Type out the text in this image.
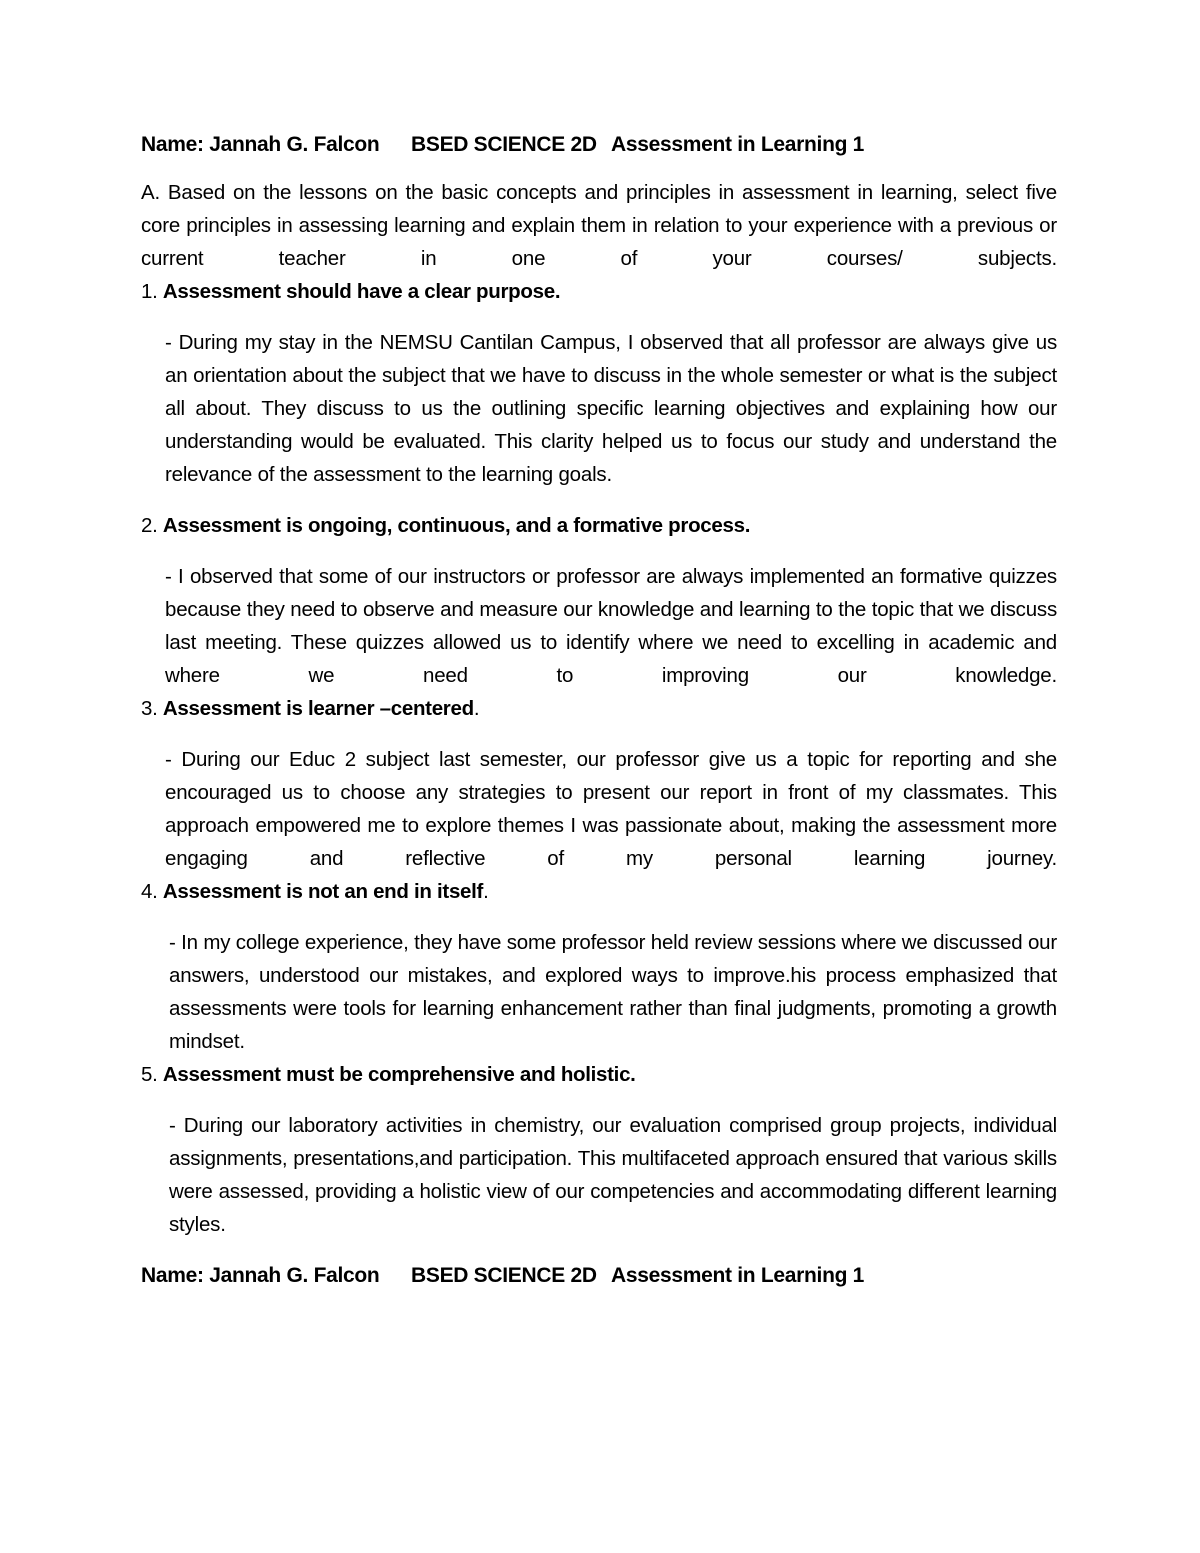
Name: Jannah G. Falcon BSED SCIENCE 2D Assessment in Learning 1

A. Based on the lessons on the basic concepts and principles in assessment in learning, select five core principles in assessing learning and explain them in relation to your experience with a previous or current teacher in one of your courses/ subjects.

1. Assessment should have a clear purpose.

- During my stay in the NEMSU Cantilan Campus, I observed that all professor are always give us an orientation about the subject that we have to discuss in the whole semester or what is the subject all about. They discuss to us the outlining specific learning objectives and explaining how our understanding would be evaluated. This clarity helped us to focus our study and understand the relevance of the assessment to the learning goals.

2. Assessment is ongoing, continuous, and a formative process.

- I observed that some of our instructors or professor are always implemented an formative quizzes because they need to observe and measure our knowledge and learning to the topic that we discuss last meeting. These quizzes allowed us to identify where we need to excelling in academic and where we need to improving our knowledge.

3. Assessment is learner –centered.

- During our Educ 2 subject last semester, our professor give us a topic for reporting and she encouraged us to choose any strategies to present our report in front of my classmates. This approach empowered me to explore themes I was passionate about, making the assessment more engaging and reflective of my personal learning journey.

4. Assessment is not an end in itself.

- In my college experience, they have some professor held review sessions where we discussed our answers, understood our mistakes, and explored ways to improve.his process emphasized that assessments were tools for learning enhancement rather than final judgments, promoting a growth mindset.

5. Assessment must be comprehensive and holistic.

- During our laboratory activities in chemistry, our evaluation comprised group projects, individual assignments, presentations,and participation. This multifaceted approach ensured that various skills were assessed, providing a holistic view of our competencies and accommodating different learning styles.

Name: Jannah G. Falcon BSED SCIENCE 2D Assessment in Learning 1
